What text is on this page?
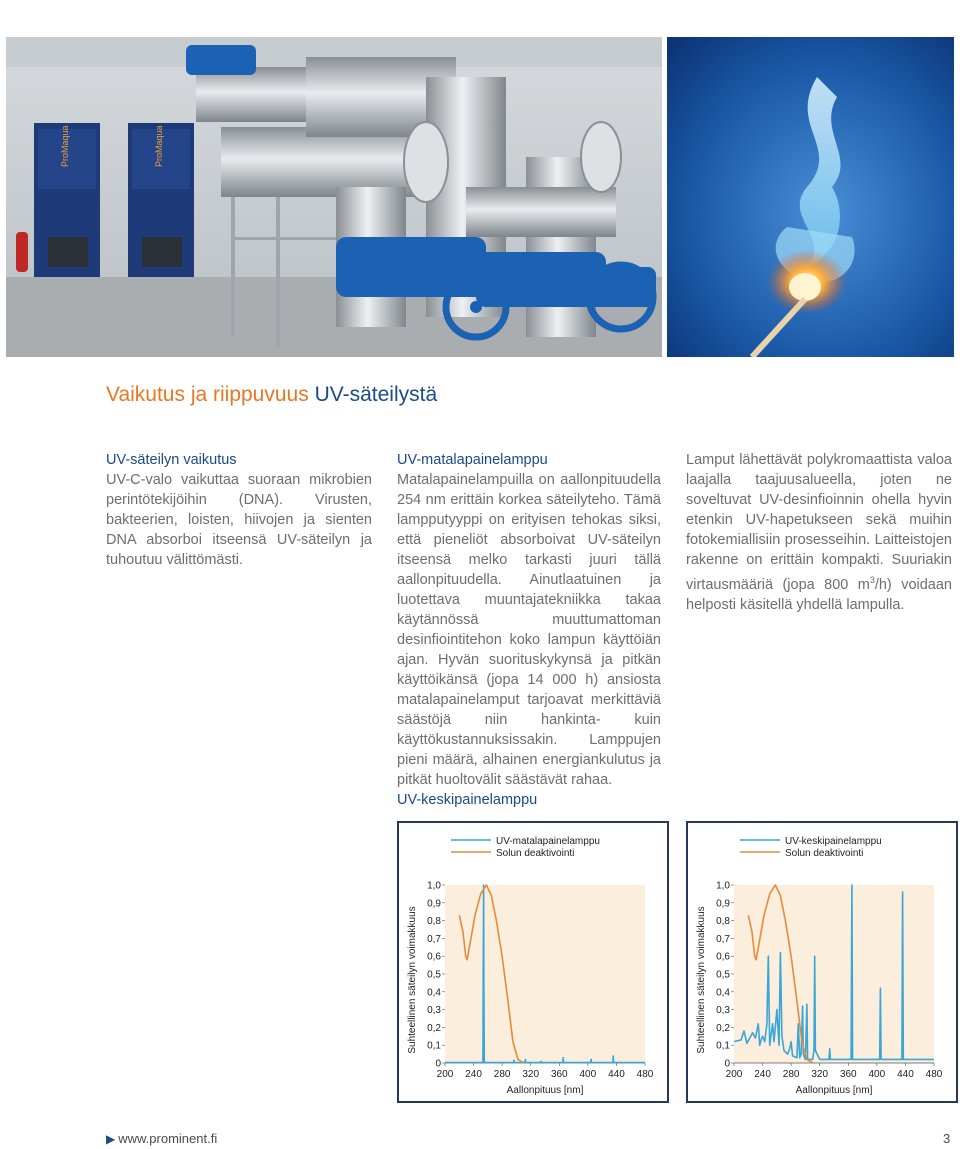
ProMaqua	ProMaqua
Vaikutus ja riippuvuus UV-säteilystä
UV-säteilyn vaikutus

UV-C-valo vaikuttaa suoraan mikrobien perintötekijöihin (DNA). Virusten, bakteerien, loisten, hiivojen ja sienten DNA absorboi itseensä UV-säteilyn ja tuhoutuu välittömästi.

UV-matalapainelamppu

Matalapainelampuilla on aallonpituudella 254 nm erittäin korkea säteilyteho. Tämä lampputyyppi on erityisen tehokas siksi, että pieneliöt absorboivat UV-säteilyn itseensä melko tarkasti juuri tällä aallonpituudella. Ainutlaatuinen ja luotettava muuntajatekniikka takaa käytännössä muuttumattoman desinfiointitehon koko lampun käyttöiän ajan. Hyvän suorituskykynsä ja pitkän käyttöikänsä (jopa 14 000 h) ansiosta matalapainelamput tarjoavat merkittäviä säästöjä niin hankinta- kuin käyttökustannuksissakin. Lamppujen pieni määrä, alhainen energiankulutus ja pitkät huoltovälit säästävät rahaa.

UV-keskipainelamppu

Lamput lähettävät polykromaattista valoa laajalla taajuusalueella, joten ne soveltuvat UV-desinfioinnin ohella hyvin etenkin UV-hapetukseen sekä muihin fotokemiallisiin prosesseihin. Laitteistojen rakenne on erittäin kompakti. Suuriakin virtausmääriä (jopa 800 $m^3/h$) voidaan helposti käsitellä yhdellä lampulla.

UV-matalapainelamppu
Solun deaktivointi
0
0,1
0,2
0,3
0,4
0,5
0,6
0,7
0,8
0,9
1,0
200 240 280 320 360 400 440 480
Aallonpituus [nm]
Suhteellinen säteilyn voimakkuus
UV-keskipainelamppu
Solun deaktivointi
0
0,1
0,2
0,3
0,4
0,5
0,6
0,7
0,8
0,9
1,0
200 240 280 320 360 400 440 480
Aallonpituus [nm]
Suhteellinen säteilyn voimakkuus
▶ www.prominent.fi	3
